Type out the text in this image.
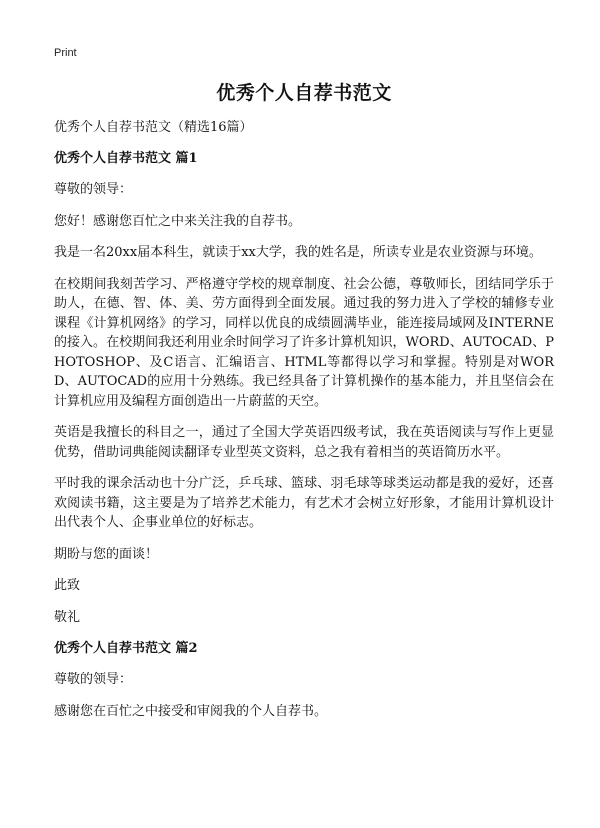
Print

优秀个人自荐书范文

优秀个人自荐书范文（精选16篇）

优秀个人自荐书范文 篇1

尊敬的领导：

您好！感谢您百忙之中来关注我的自荐书。

我是一名20xx届本科生，就读于xx大学，我的姓名是，所读专业是农业资源与环境。

在校期间我刻苦学习、严格遵守学校的规章制度、社会公德，尊敬师长，团结同学乐于助人，在德、智、体、美、劳方面得到全面发展。通过我的努力进入了学校的辅修专业课程《计算机网络》的学习，同样以优良的成绩圆满毕业，能连接局域网及INTERNE的接入。在校期间我还利用业余时间学习了许多计算机知识，WORD、AUTOCAD、PHOTOSHOP、及C语言、汇编语言、HTML等都得以学习和掌握。特别是对WORD、AUTOCAD的应用十分熟练。我已经具备了计算机操作的基本能力，并且坚信会在计算机应用及编程方面创造出一片蔚蓝的天空。

英语是我擅长的科目之一，通过了全国大学英语四级考试，我在英语阅读与写作上更显优势，借助词典能阅读翻译专业型英文资料，总之我有着相当的英语简历水平。

平时我的课余活动也十分广泛，乒乓球、篮球、羽毛球等球类运动都是我的爱好，还喜欢阅读书籍，这主要是为了培养艺术能力，有艺术才会树立好形象，才能用计算机设计出代表个人、企事业单位的好标志。

期盼与您的面谈！

此致

敬礼

优秀个人自荐书范文 篇2

尊敬的领导：

感谢您在百忙之中接受和审阅我的个人自荐书。
